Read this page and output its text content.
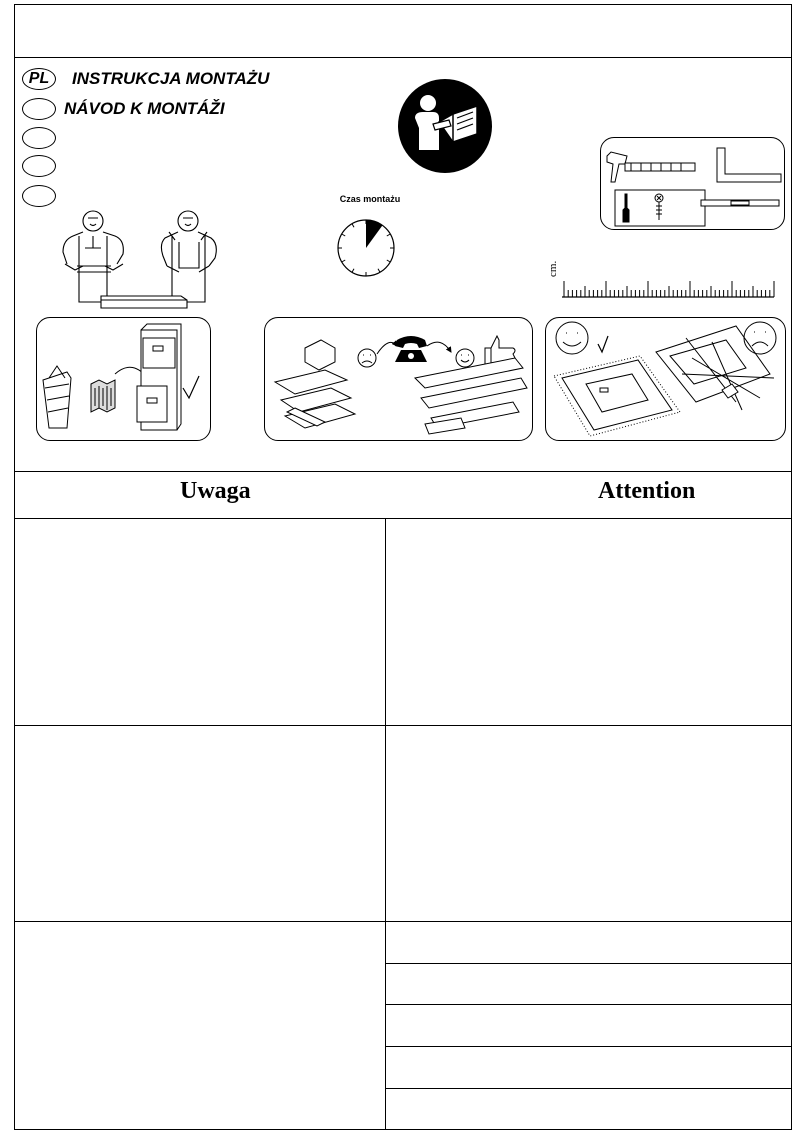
PL	INSTRUKCJA MONTAŻU
NÁVOD K MONTÁŽI
Czas montażu
cm.
Uwaga	Attention
